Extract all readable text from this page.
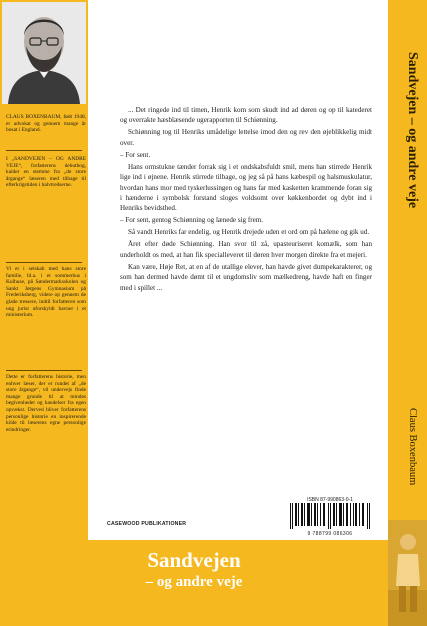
CLAUS BOXENBAUM, født 1948, er advokat og gennem mange år bosat i England.
I „SANDVEJEN – OG ANDRE VEJE“, forfatterens debutbog, kalder en stemme fra „de store årgange“ læseren med tilbage til efterkrigstiden i halvtredserne.
Vi er i selskab med hans store familie, bl.a. i et sommerhus i Kulhuse, på Søndermarksskolen og Sankt Jørgens Gymnasium på Frederiksberg, videre op gennem de glade tressere, indtil forfatteren som ung jurist uforskyldt havner i et ministerium.
Dette er forfatterens historie, men enhver læser, der er rundet af „de store årgange“, vil undervejs finde mange grunde til at mindes begivenheder og handelser fra egen opvækst. Derved bliver forfatterens personlige historie en inspirerende kilde til læserens egne personlige erindringer.

... Det ringede ind til timen, Henrik kom som skudt ind ad døren og op til katederet og overrakte hæsblæsende ugerapporten til Schiønning.

Schiønning tog til Henriks umådelige lettelse imod den og rev den øjeblikkelig midt over.

– For sent.

Hans ormstukne tænder forrak sig i et ondskabsfuldt smil, mens han stirrede Henrik lige ind i øjnene. Henrik stirrede tilbage, og jeg så på hans kæbespil og halsmuskulatur, hvordan hans mor med tyskerlussingen og hans far med kasketten krammende foran sig i hænderne i symbolsk forstand sloges voldsomt over køkkenbordet og dybt ind i Henriks bevidsthed.

– For sent, gentog Schiønning og lænede sig frem.

Så vandt Henriks far endelig, og Henrik drejede uden et ord om på hælene og gik ud.

Året efter døde Schiønning. Han svor til zå, upasteuriseret komælk, som han underholdt os med, at han fik specialleveret til døren hver morgen direkte fra et mejeri.

Kan være, Høje Ret, at en af de utallige elever, han havde givet dumpekarakterer, og som han dermed havde dømt til et ungdomsliv som mælkedreng, havde haft en finger med i spillet ...

CASEWOOD PUBLIKATIONER
ISBN 87-990863-0-1
9 788799 086306
Sandvejen – og andre veje
Claus Boxenbaum
Sandvejen
– og andre veje
